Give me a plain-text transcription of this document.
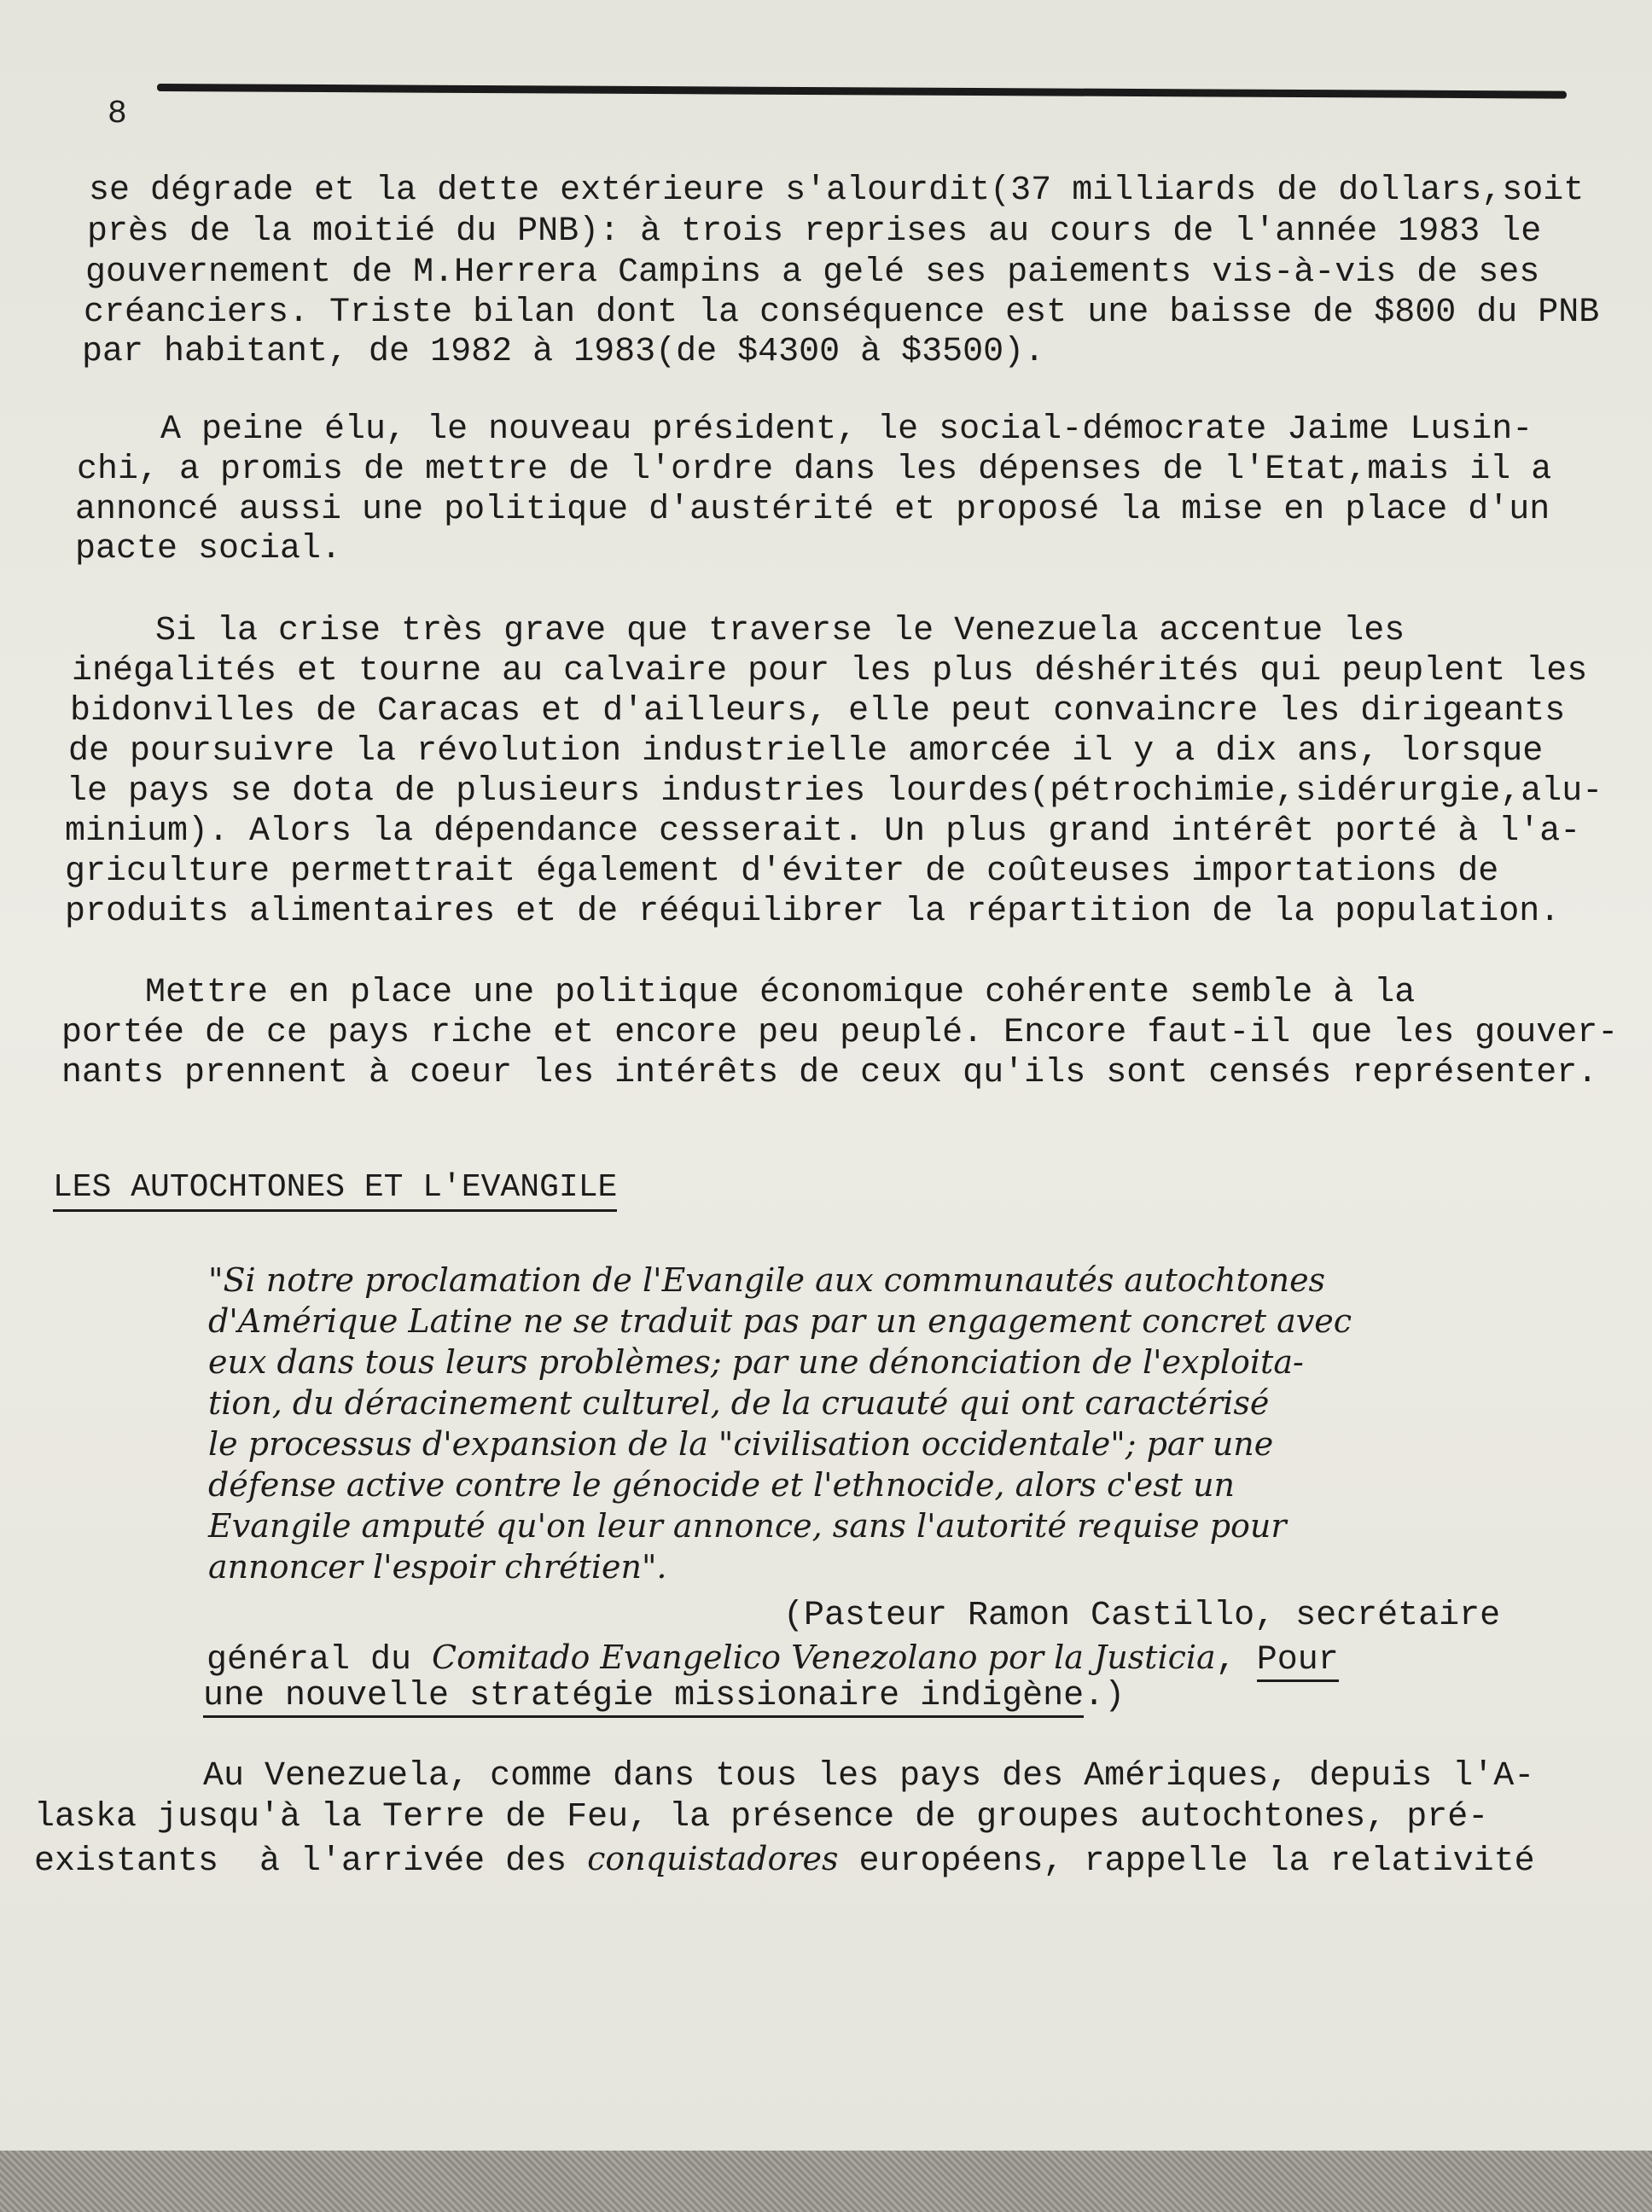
8
se dégrade et la dette extérieure s'alourdit(37 milliards de dollars,soit
près de la moitié du PNB): à trois reprises au cours de l'année 1983 le
gouvernement de M.Herrera Campins a gelé ses paiements vis-à-vis de ses
créanciers. Triste bilan dont la conséquence est une baisse de $800 du PNB
par habitant, de 1982 à 1983(de $4300 à $3500).
A peine élu, le nouveau président, le social-démocrate Jaime Lusin-
chi, a promis de mettre de l'ordre dans les dépenses de l'Etat,mais il a
annoncé aussi une politique d'austérité et proposé la mise en place d'un
pacte social.
Si la crise très grave que traverse le Venezuela accentue les
inégalités et tourne au calvaire pour les plus déshérités qui peuplent les
bidonvilles de Caracas et d'ailleurs, elle peut convaincre les dirigeants
de poursuivre la révolution industrielle amorcée il y a dix ans, lorsque
le pays se dota de plusieurs industries lourdes(pétrochimie,sidérurgie,alu-
minium). Alors la dépendance cesserait. Un plus grand intérêt porté à l'a-
griculture permettrait également d'éviter de coûteuses importations de
produits alimentaires et de rééquilibrer la répartition de la population.
Mettre en place une politique économique cohérente semble à la
portée de ce pays riche et encore peu peuplé. Encore faut-il que les gouver-
nants prennent à coeur les intérêts de ceux qu'ils sont censés représenter.
LES AUTOCHTONES ET L'EVANGILE
"Si notre proclamation de l'Evangile aux communautés autochtones
d'Amérique Latine ne se traduit pas par un engagement concret avec
eux dans tous leurs problèmes; par une dénonciation de l'exploita-
tion, du déracinement culturel, de la cruauté qui ont caractérisé
le processus d'expansion de la "civilisation occidentale"; par une
défense active contre le génocide et l'ethnocide, alors c'est un
Evangile amputé qu'on leur annonce, sans l'autorité requise pour
annoncer l'espoir chrétien".
(Pasteur Ramon Castillo, secrétaire
général du Comitado Evangelico Venezolano por la Justicia, Pour
une nouvelle stratégie missionaire indigène.)
Au Venezuela, comme dans tous les pays des Amériques, depuis l'A-
laska jusqu'à la Terre de Feu, la présence de groupes autochtones, pré-
existants  à l'arrivée des conquistadores européens, rappelle la relativité
